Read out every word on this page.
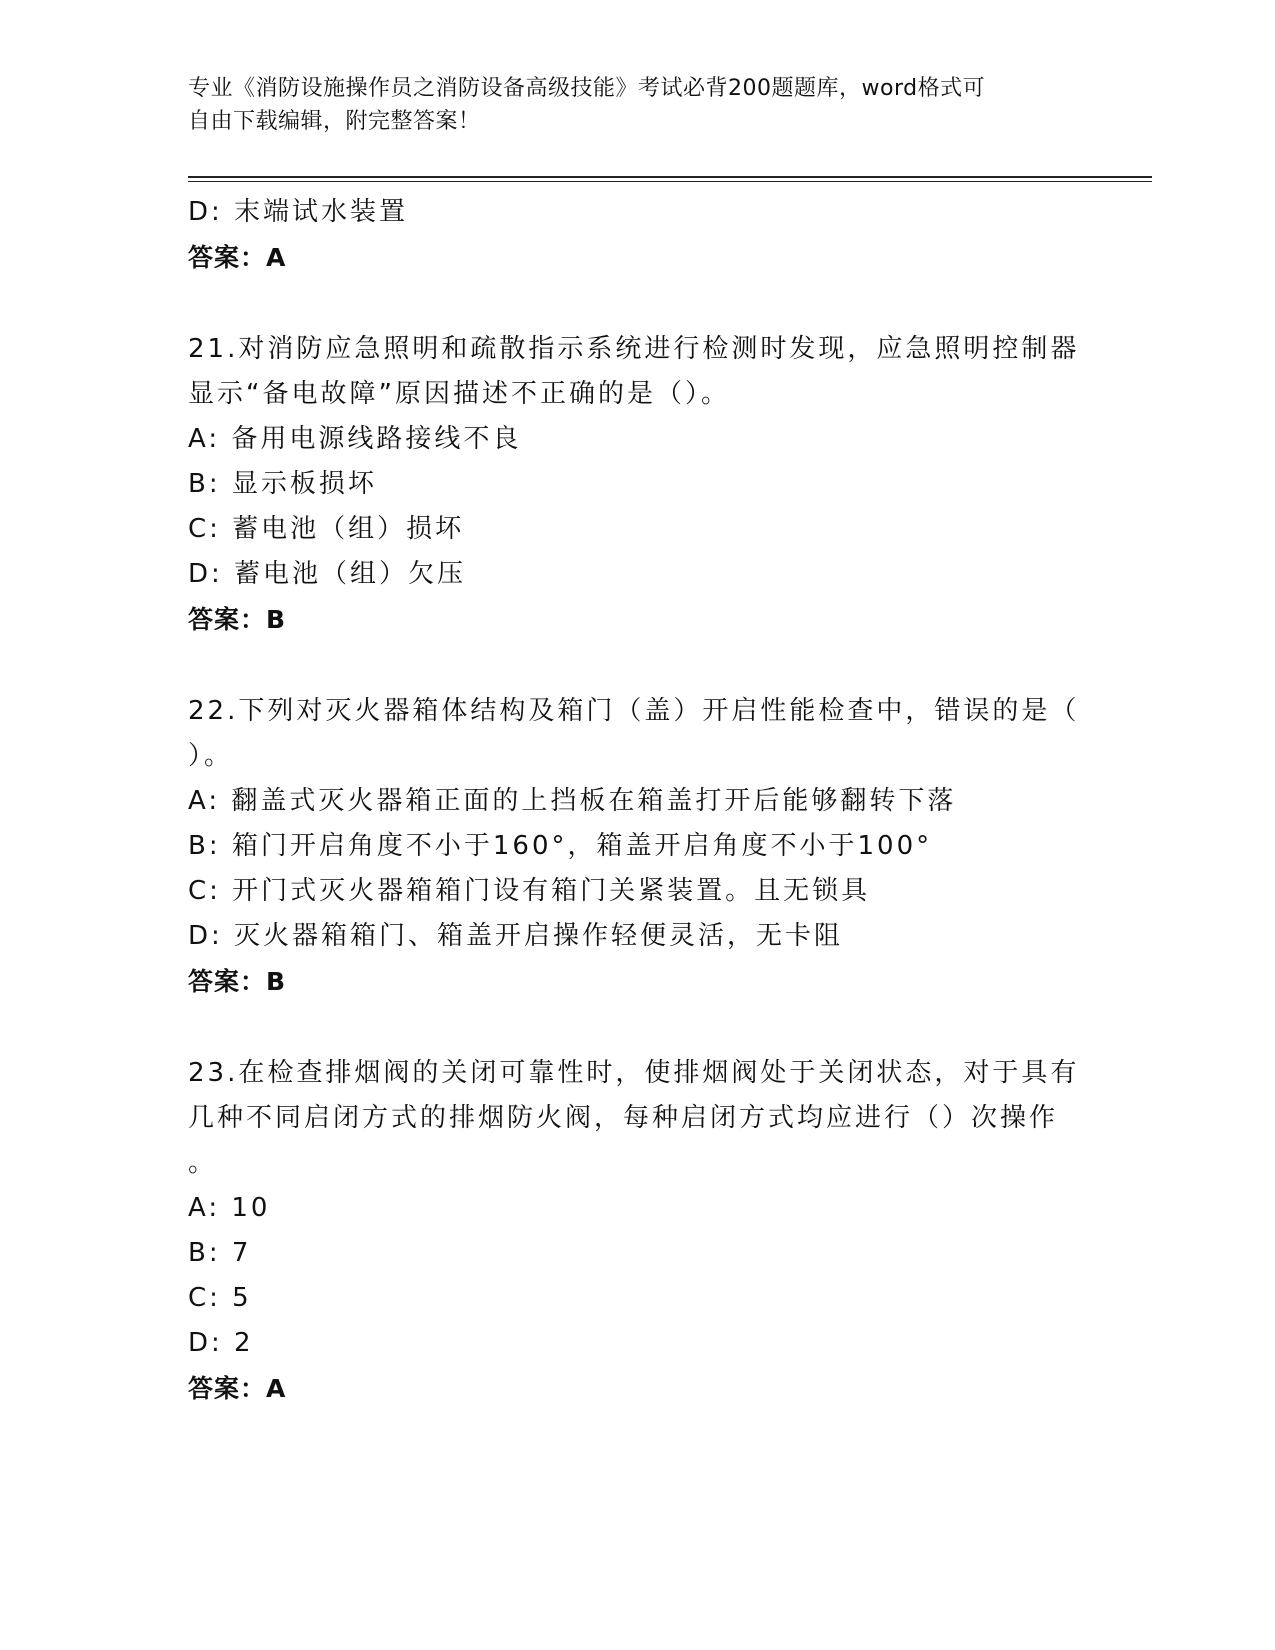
专业《消防设施操作员之消防设备高级技能》考试必背200题题库，word格式可
自由下载编辑，附完整答案！
D: 末端试水装置
答案：A
21.对消防应急照明和疏散指示系统进行检测时发现，应急照明控制器
显示“备电故障”原因描述不正确的是（）。
A: 备用电源线路接线不良
B: 显示板损坏
C: 蓄电池（组）损坏
D: 蓄电池（组）欠压
答案：B
22.下列对灭火器箱体结构及箱门（盖）开启性能检查中，错误的是（
）。
A: 翻盖式灭火器箱正面的上挡板在箱盖打开后能够翻转下落
B: 箱门开启角度不小于160°，箱盖开启角度不小于100°
C: 开门式灭火器箱箱门设有箱门关紧装置。且无锁具
D: 灭火器箱箱门、箱盖开启操作轻便灵活，无卡阻
答案：B
23.在检查排烟阀的关闭可靠性时，使排烟阀处于关闭状态，对于具有
几种不同启闭方式的排烟防火阀，每种启闭方式均应进行（）次操作
。
A: 10
B: 7
C: 5
D: 2
答案：A
